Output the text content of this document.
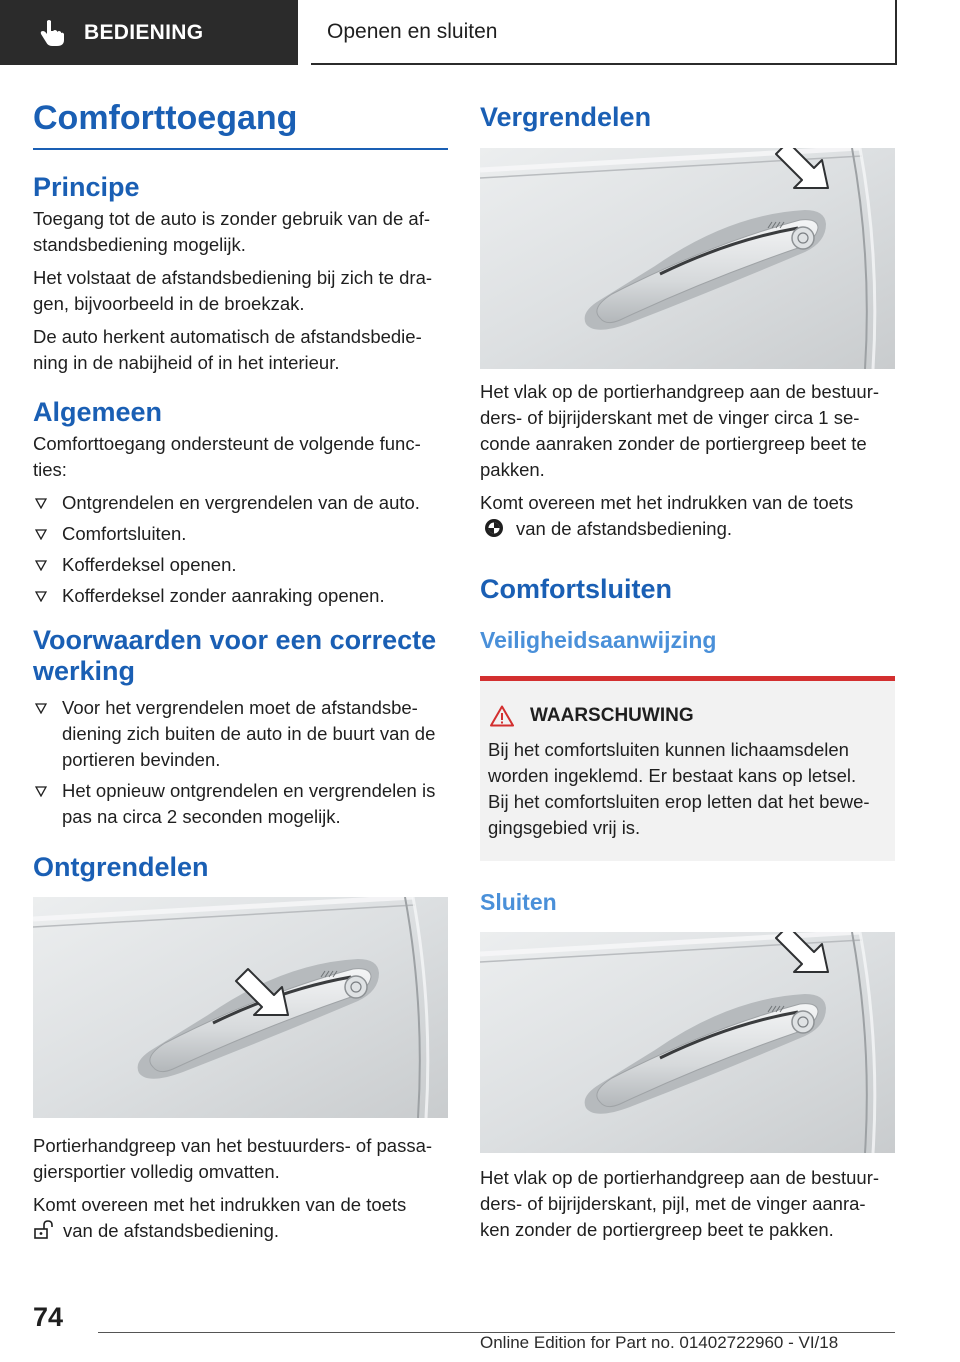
BEDIENING	Openen en sluiten
Comforttoegang
Principe

Toegang tot de auto is zonder gebruik van de af-standsbediening mogelijk.

Het volstaat de afstandsbediening bij zich te dra-gen, bijvoorbeeld in de broekzak.

De auto herkent automatisch de afstandsbedie-ning in de nabijheid of in het interieur.

Algemeen

Comforttoegang ondersteunt de volgende func-ties:

Ontgrendelen en vergrendelen van de auto.
Comfortsluiten.
Kofferdeksel openen.
Kofferdeksel zonder aanraking openen.
Voorwaarden voor een correcte werking
Voor het vergrendelen moet de afstandsbe-diening zich buiten de auto in de buurt van de portieren bevinden.
Het opnieuw ontgrendelen en vergrendelen is pas na circa 2 seconden mogelijk.
Ontgrendelen

Portierhandgreep van het bestuurders- of passa-giersportier volledig omvatten.

Komt overeen met het indrukken van de toets
van de afstandsbediening.

Vergrendelen

Het vlak op de portierhandgreep aan de bestuur-ders- of bijrijderskant met de vinger circa 1 se-conde aanraken zonder de portiergreep beet te pakken.

Komt overeen met het indrukken van de toets
van de afstandsbediening.

Comfortsluiten
Veiligheidsaanwijzing
WAARSCHUWING

Bij het comfortsluiten kunnen lichaamsdelen worden ingeklemd. Er bestaat kans op letsel.

Bij het comfortsluiten erop letten dat het bewe-gingsgebied vrij is.

Sluiten

Het vlak op de portierhandgreep aan de bestuur-ders- of bijrijderskant, pijl, met de vinger aanra-ken zonder de portiergreep beet te pakken.

74
Online Edition for Part no. 01402722960 - VI/18
